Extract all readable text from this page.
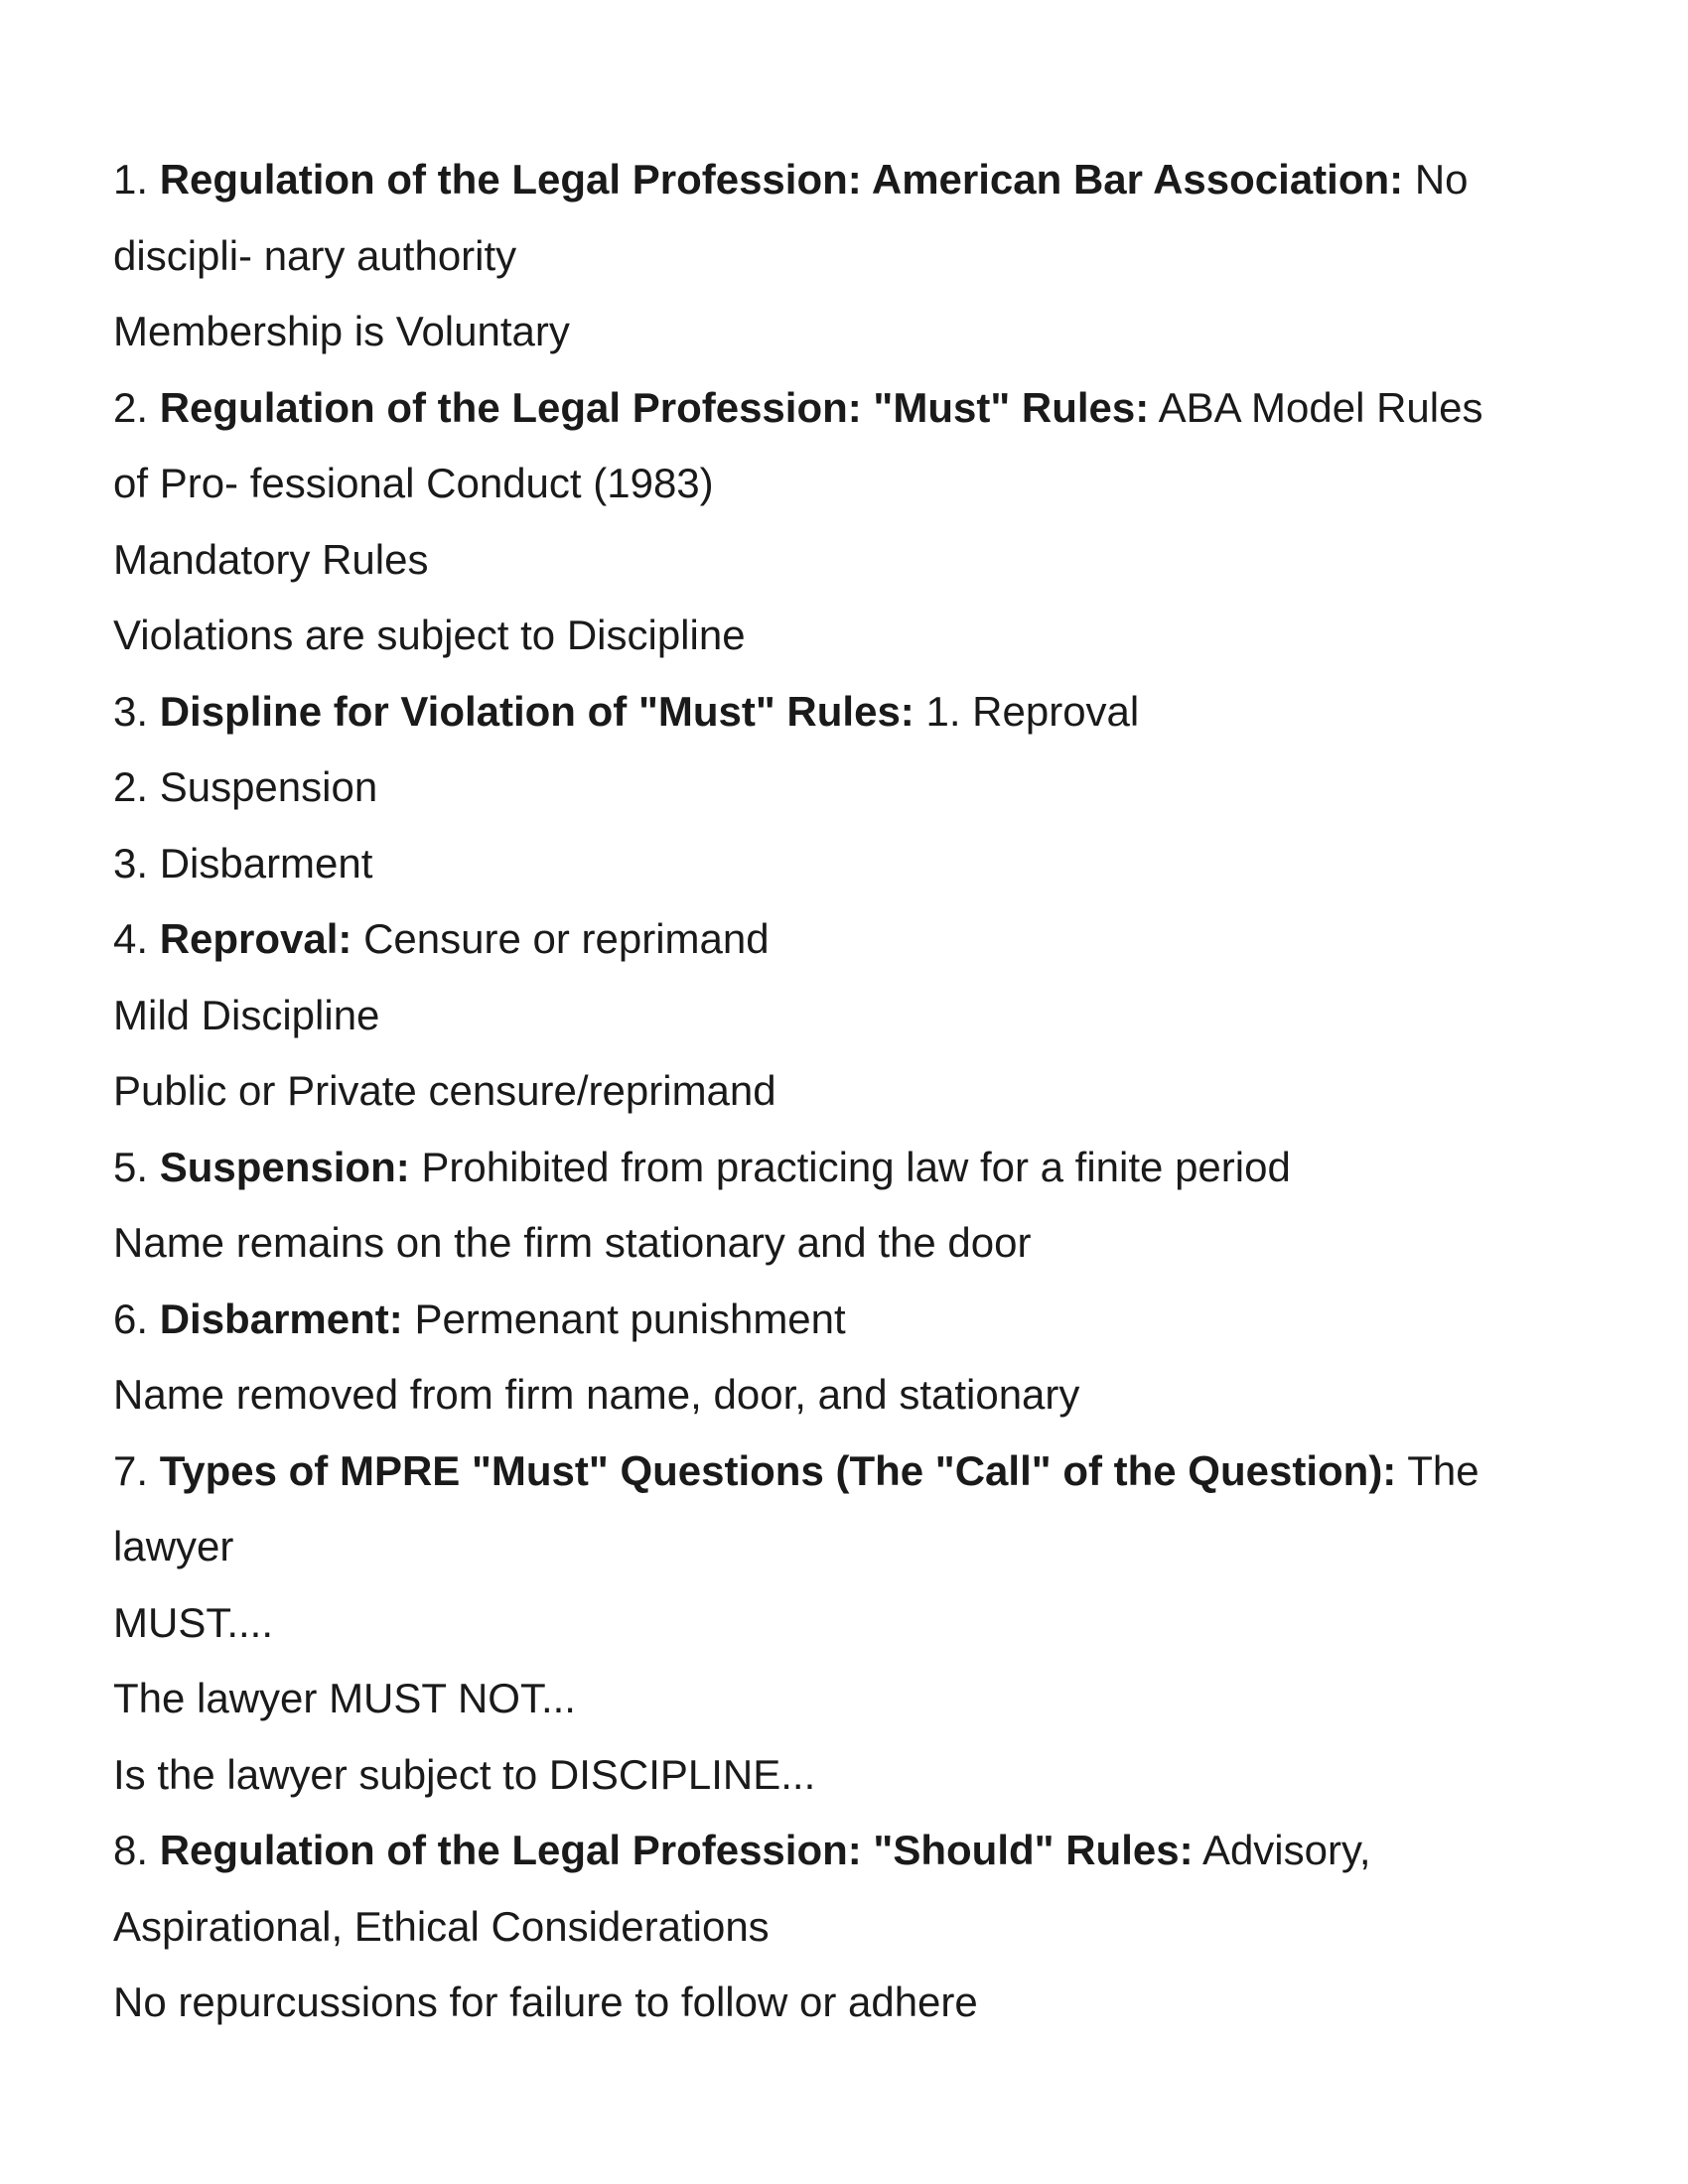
1. Regulation of the Legal Profession: American Bar Association: No

discipli- nary authority

Membership is Voluntary

2. Regulation of the Legal Profession: "Must" Rules: ABA Model Rules

of Pro- fessional Conduct (1983)

Mandatory Rules

Violations are subject to Discipline

3. Displine for Violation of "Must" Rules: 1. Reproval

2. Suspension

3. Disbarment

4. Reproval: Censure or reprimand

Mild Discipline

Public or Private censure/reprimand

5. Suspension: Prohibited from practicing law for a finite period

Name remains on the firm stationary and the door

6. Disbarment: Permenant punishment

Name removed from firm name, door, and stationary

7. Types of MPRE "Must" Questions (The "Call" of the Question): The

lawyer

MUST....

The lawyer MUST NOT...

Is the lawyer subject to DISCIPLINE...

8. Regulation of the Legal Profession: "Should" Rules: Advisory,

Aspirational, Ethical Considerations

No repurcussions for failure to follow or adhere
